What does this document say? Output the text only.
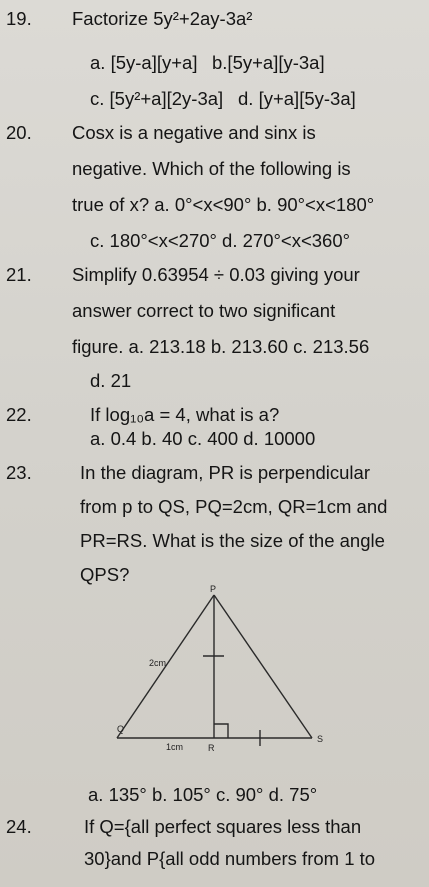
19. Factorize 5y²+2ay-3a²
a. [5y-a][y+a] b.[5y+a][y-3a]
c. [5y²+a][2y-3a] d. [y+a][5y-3a]
20. Cosx is a negative and sinx is
negative. Which of the following is
true of x? a. 0°<x<90° b. 90°<x<180°
c. 180°<x<270° d. 270°<x<360°
21. Simplify 0.63954 ÷ 0.03 giving your
answer correct to two significant
figure. a. 213.18 b. 213.60 c. 213.56
d. 21
22.	If log₁₀a = 4, what is a?
a. 0.4 b. 40 c. 400 d. 10000
23.	In the diagram, PR is perpendicular
from p to QS, PQ=2cm, QR=1cm and
PR=RS. What is the size of the angle
QPS?
P
Q
R
S
2cm
1cm
a. 135° b. 105° c. 90° d. 75°
24.	If Q={all perfect squares less than
30}and P{all odd numbers from 1 to
